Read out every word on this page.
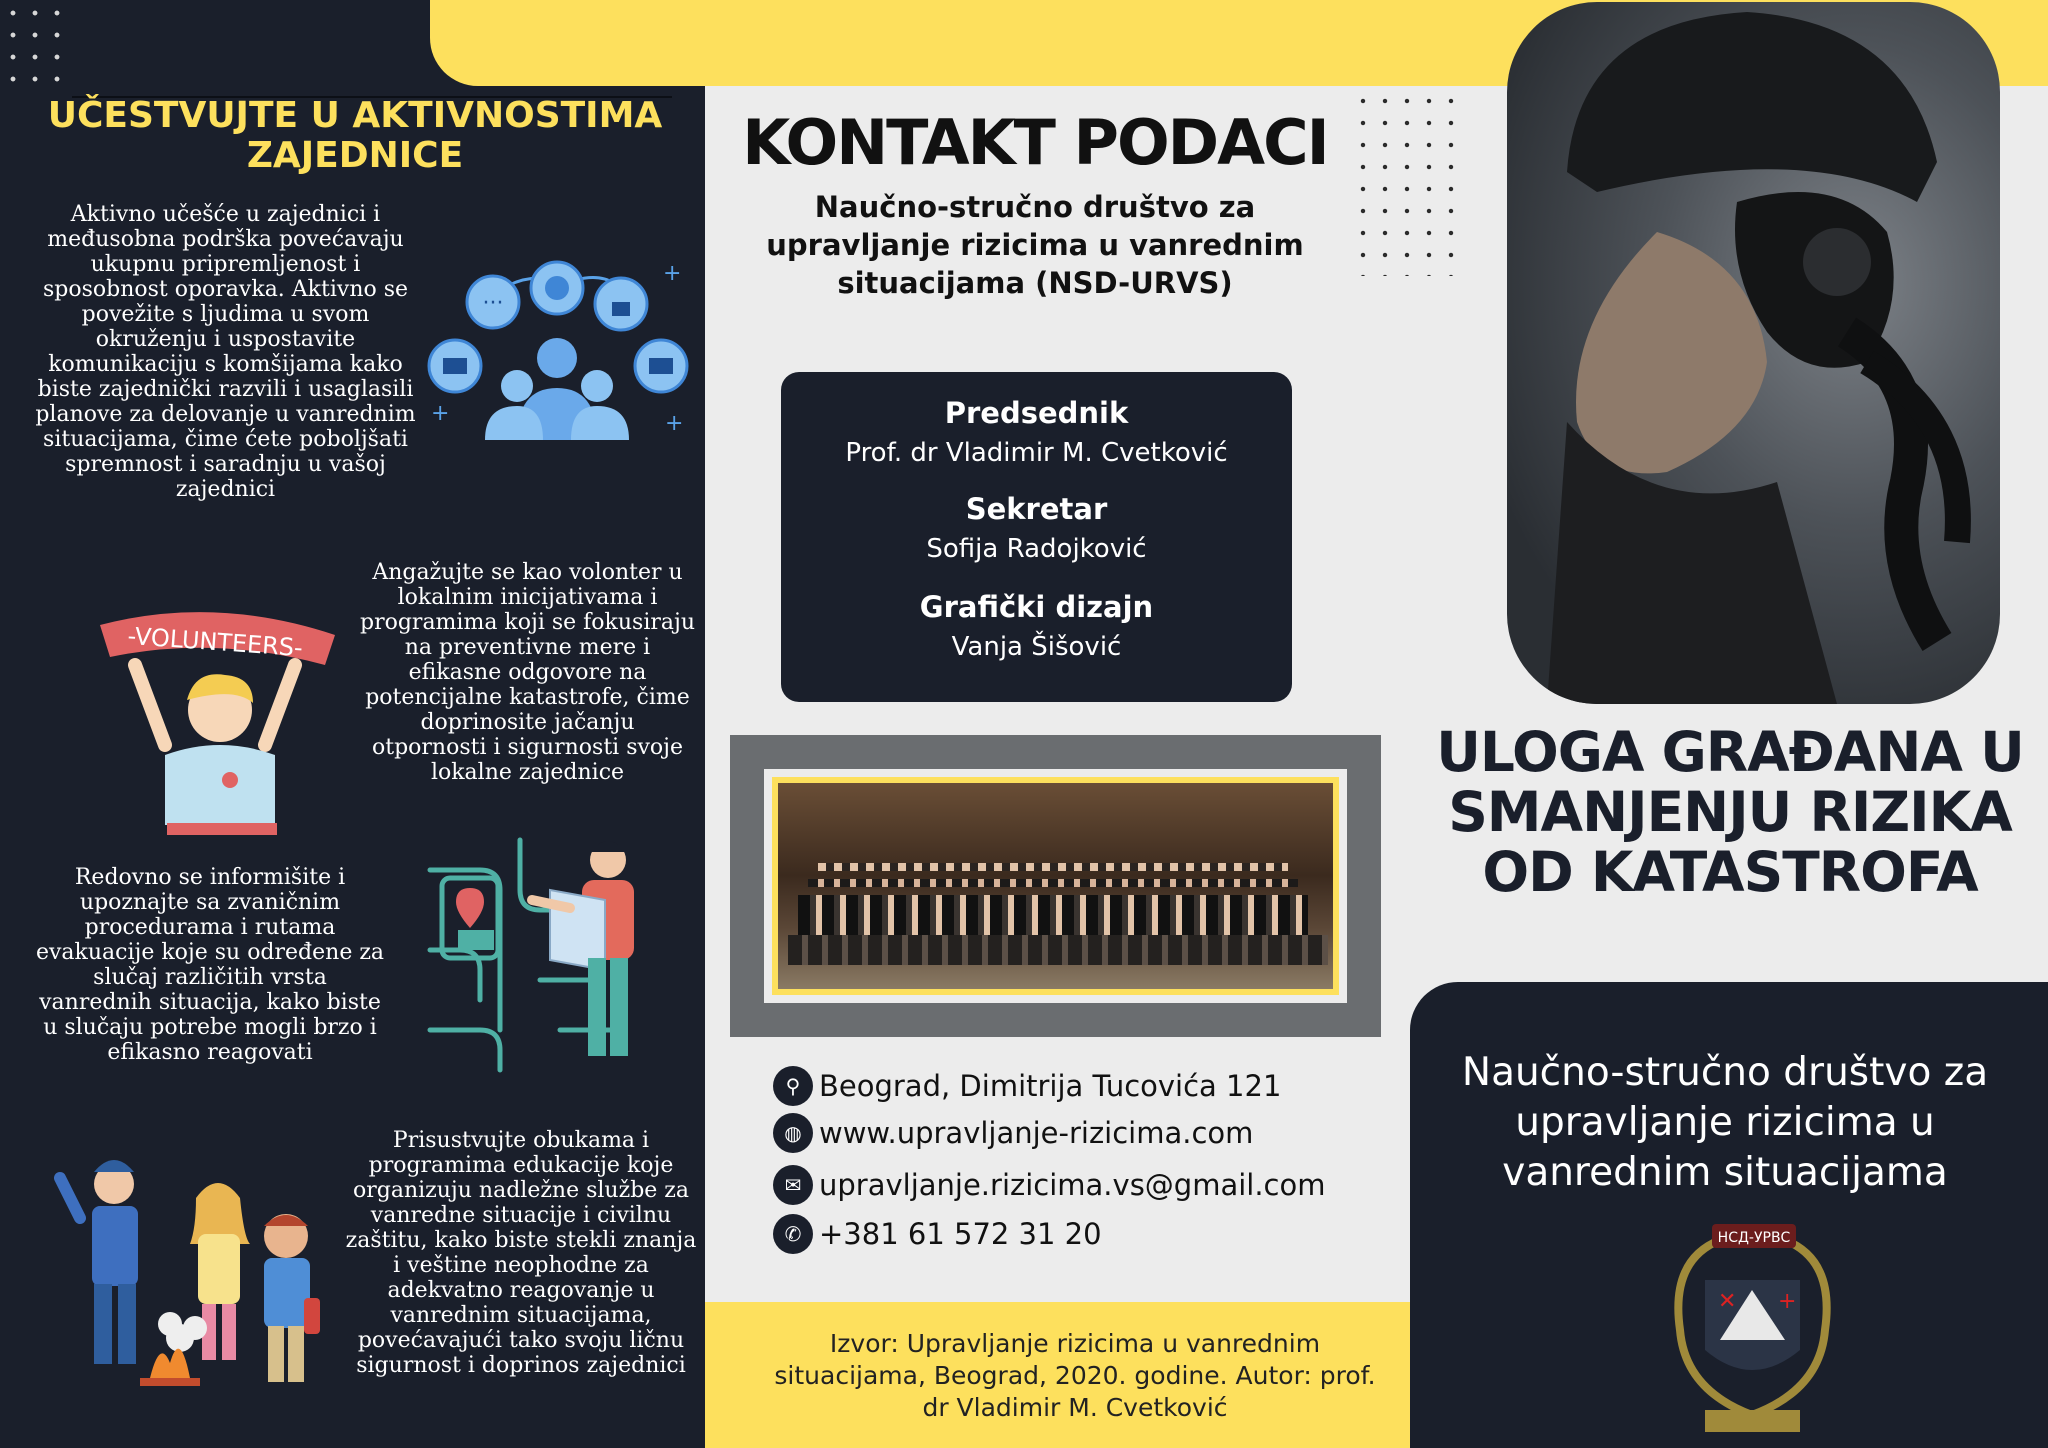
UČESTVUJTE U AKTIVNOSTIMA ZAJEDNICE
Aktivno učešće u zajednici i međusobna podrška povećavaju ukupnu pripremljenost i sposobnost oporavka. Aktivno se povežite s ljudima u svom okruženju i uspostavite komunikaciju s komšijama kako biste zajednički razvili i usaglasili planove za delovanje u vanrednim situacijama, čime ćete poboljšati spremnost i saradnju u vašoj zajednici
···
+	+
+
-VOLUNTEERS-
Angažujte se kao volonter u lokalnim inicijativama i programima koji se fokusiraju na preventivne mere i efikasne odgovore na potencijalne katastrofe, čime doprinosite jačanju otpornosti i sigurnosti svoje lokalne zajednice
Redovno se informišite i upoznajte sa zvaničnim procedurama i rutama evakuacije koje su određene za slučaj različitih vrsta vanrednih situacija, kako biste u slučaju potrebe mogli brzo i efikasno reagovati
Prisustvujte obukama i programima edukacije koje organizuju nadležne službe za vanredne situacije i civilnu zaštitu, kako biste stekli znanja i veštine neophodne za adekvatno reagovanje u vanrednim situacijama, povećavajući tako svoju ličnu sigurnost i doprinos zajednici
KONTAKT PODACI
Naučno-stručno društvo za upravljanje rizicima u vanrednim situacijama (NSD-URVS)
Predsednik
Prof. dr Vladimir M. Cvetković
Sekretar
Sofija Radojković
Grafički dizajn
Vanja Šišović
⚲ Beograd, Dimitrija Tucovića 121
◍ www.upravljanje-rizicima.com
✉ upravljanje.rizicima.vs@gmail.com
✆ +381 61 572 31 20
Izvor: Upravljanje rizicima u vanrednim situacijama, Beograd, 2020. godine. Autor: prof. dr Vladimir M. Cvetković
ULOGA GRAĐANA U SMANJENJU RIZIKA OD KATASTROFA
Naučno-stručno društvo za upravljanje rizicima u vanrednim situacijama
НСД-УРВС
✕ +
